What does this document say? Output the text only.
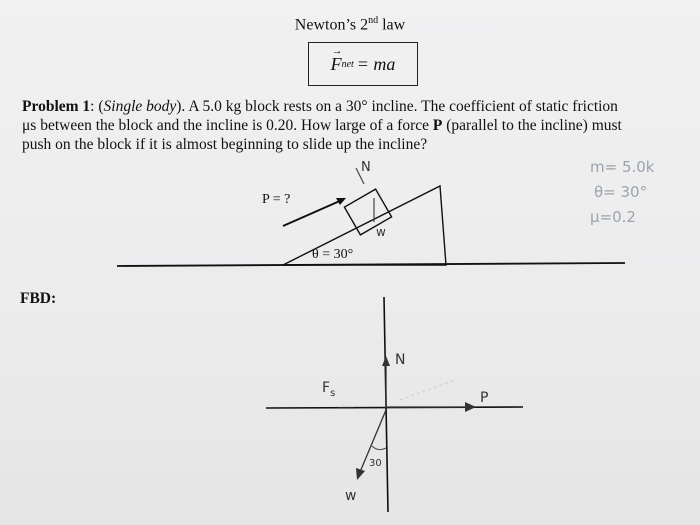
Newton’s 2nd law
→
F net = ma
Problem 1: (Single body). A 5.0 kg block rests on a 30° incline. The coefficient of static friction
μs between the block and the incline is 0.20. How large of a force P (parallel to the incline) must
push on the block if it is almost beginning to slide up the incline?
m= 5.0k
θ= 30°
μ=0.2
FBD:
P = ?
θ = 30°
N
w
N
P
$F_s$
30
w
